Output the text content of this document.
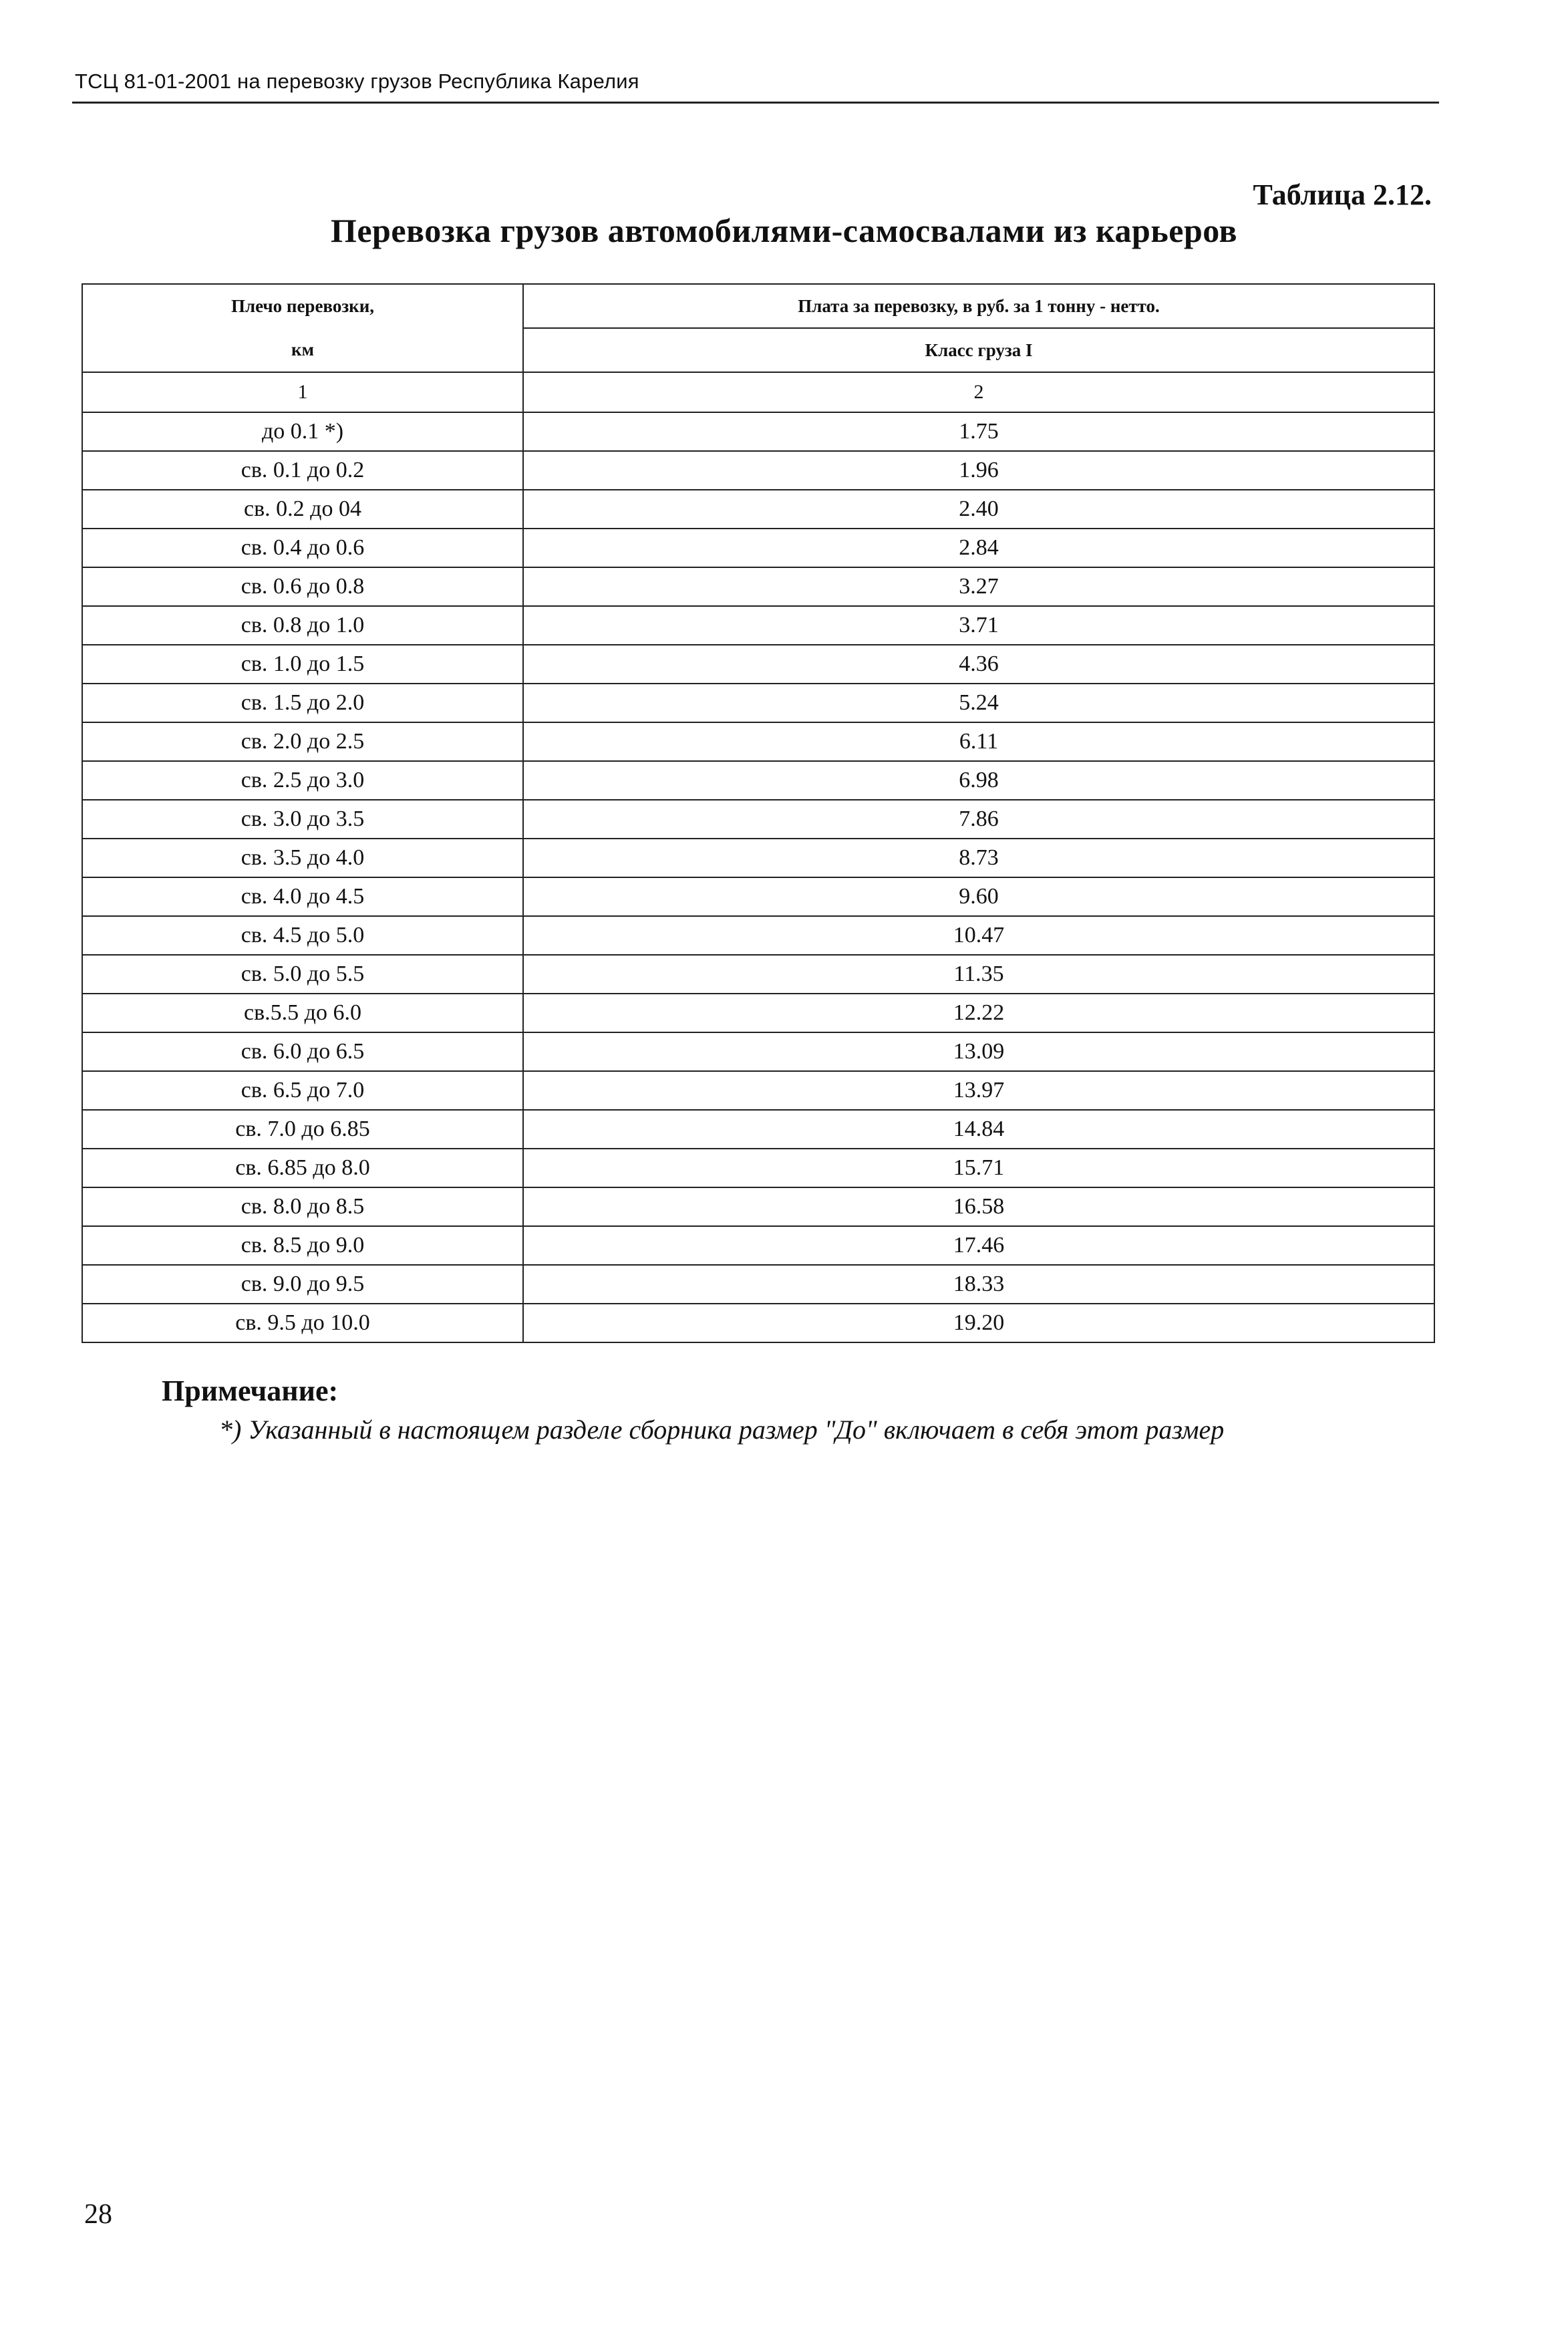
ТСЦ 81-01-2001 на перевозку грузов Республика Карелия
Таблица 2.12.
Перевозка грузов автомобилями-самосвалами из карьеров
Плечо перевозки,	Плата за перевозку, в руб. за 1 тонну - нетто.
км	Класс груза I
1	2
до 0.1 *)	1.75
св. 0.1 до 0.2	1.96
св. 0.2 до 04	2.40
св. 0.4 до 0.6	2.84
св. 0.6 до 0.8	3.27
св. 0.8 до 1.0	3.71
св. 1.0 до 1.5	4.36
св. 1.5 до 2.0	5.24
св. 2.0 до 2.5	6.11
св. 2.5 до 3.0	6.98
св. 3.0 до 3.5	7.86
св. 3.5 до 4.0	8.73
св. 4.0 до 4.5	9.60
св. 4.5 до 5.0	10.47
св. 5.0 до 5.5	11.35
св.5.5 до 6.0	12.22
св. 6.0 до 6.5	13.09
св. 6.5 до 7.0	13.97
св. 7.0 до 6.85	14.84
св. 6.85 до 8.0	15.71
св. 8.0 до 8.5	16.58
св. 8.5 до 9.0	17.46
св. 9.0 до 9.5	18.33
св. 9.5 до 10.0	19.20
Примечание:
*) Указанный в настоящем разделе сборника размер "До" включает в себя этот размер
28
